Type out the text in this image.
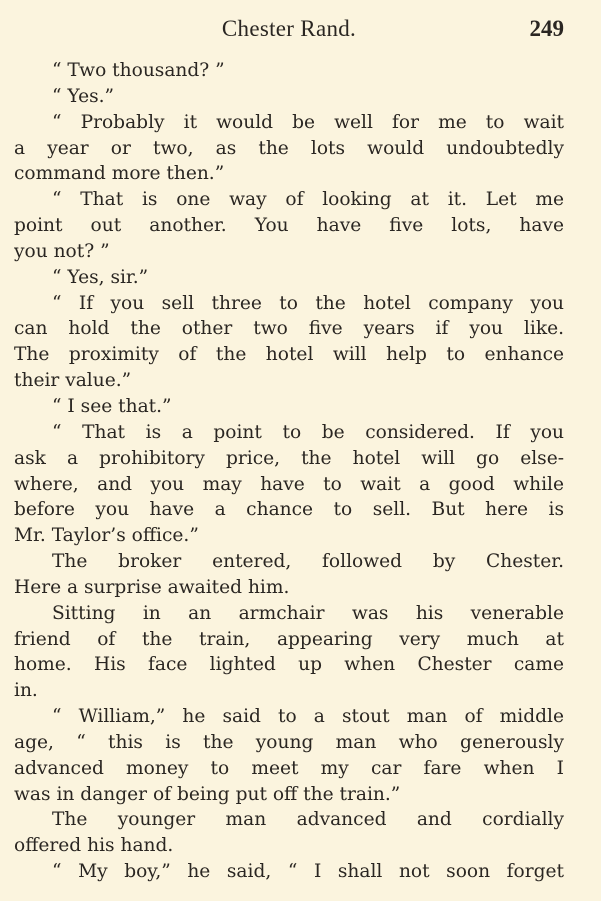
Chester Rand.	249
“ Two thousand? ”
“ Yes.”
“ Probably it would be well for me to wait
a year or two, as the lots would undoubtedly
command more then.”
“ That is one way of looking at it. Let me
point out another. You have five lots, have
you not? ”
“ Yes, sir.”
“ If you sell three to the hotel company you
can hold the other two five years if you like.
The proximity of the hotel will help to enhance
their value.”
“ I see that.”
“ That is a point to be considered. If you
ask a prohibitory price, the hotel will go else-
where, and you may have to wait a good while
before you have a chance to sell. But here is
Mr. Taylor’s office.”
The broker entered, followed by Chester.
Here a surprise awaited him.
Sitting in an armchair was his venerable
friend of the train, appearing very much at
home. His face lighted up when Chester came
in.
“ William,” he said to a stout man of middle
age, “ this is the young man who generously
advanced money to meet my car fare when I
was in danger of being put off the train.”
The younger man advanced and cordially
offered his hand.
“ My boy,” he said, “ I shall not soon forget
